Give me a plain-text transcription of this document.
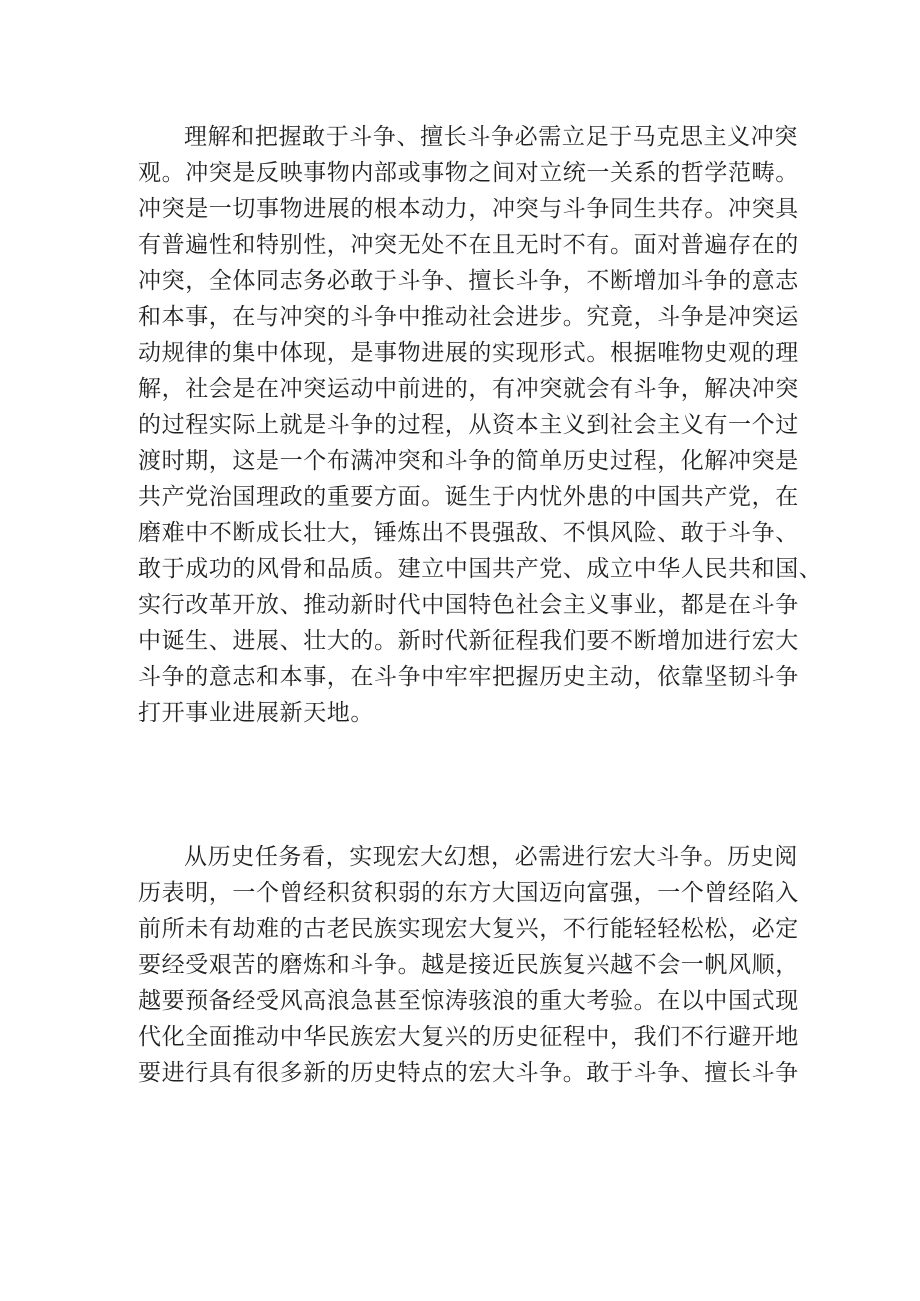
理解和把握敢于斗争、擅长斗争必需立足于马克思主义冲突
观。冲突是反映事物内部或事物之间对立统一关系的哲学范畴。
冲突是一切事物进展的根本动力，冲突与斗争同生共存。冲突具
有普遍性和特别性，冲突无处不在且无时不有。面对普遍存在的
冲突，全体同志务必敢于斗争、擅长斗争，不断增加斗争的意志
和本事，在与冲突的斗争中推动社会进步。究竟，斗争是冲突运
动规律的集中体现，是事物进展的实现形式。根据唯物史观的理
解，社会是在冲突运动中前进的，有冲突就会有斗争，解决冲突
的过程实际上就是斗争的过程，从资本主义到社会主义有一个过
渡时期，这是一个布满冲突和斗争的简单历史过程，化解冲突是
共产党治国理政的重要方面。诞生于内忧外患的中国共产党，在
磨难中不断成长壮大，锤炼出不畏强敌、不惧风险、敢于斗争、
敢于成功的风骨和品质。建立中国共产党、成立中华人民共和国、
实行改革开放、推动新时代中国特色社会主义事业，都是在斗争
中诞生、进展、壮大的。新时代新征程我们要不断增加进行宏大
斗争的意志和本事，在斗争中牢牢把握历史主动，依靠坚韧斗争
打开事业进展新天地。
从历史任务看，实现宏大幻想，必需进行宏大斗争。历史阅
历表明，一个曾经积贫积弱的东方大国迈向富强，一个曾经陷入
前所未有劫难的古老民族实现宏大复兴，不行能轻轻松松，必定
要经受艰苦的磨炼和斗争。越是接近民族复兴越不会一帆风顺，
越要预备经受风高浪急甚至惊涛骇浪的重大考验。在以中国式现
代化全面推动中华民族宏大复兴的历史征程中，我们不行避开地
要进行具有很多新的历史特点的宏大斗争。敢于斗争、擅长斗争
